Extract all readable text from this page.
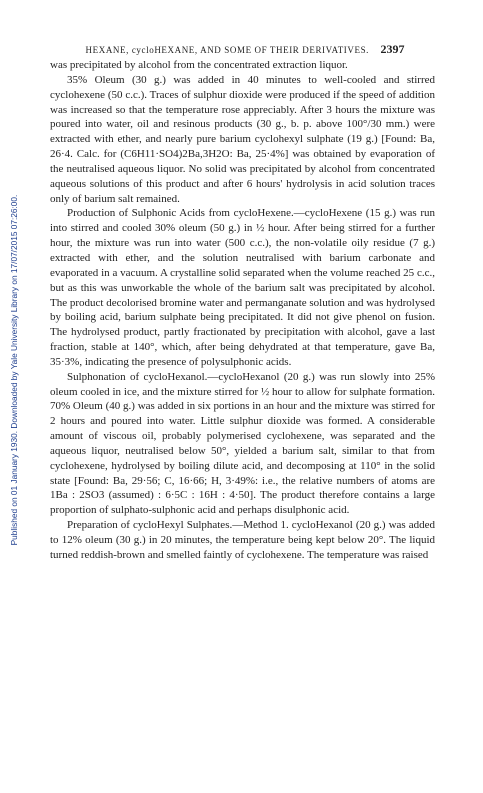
Published on 01 January 1930. Downloaded by Yale University Library on 17/07/2015 07:26:00.
HEXANE, cyclоHEXANE, AND SOME OF THEIR DERIVATIVES. 2397

was precipitated by alcohol from the concentrated extraction liquor.

35% Oleum (30 g.) was added in 40 minutes to well-cooled and stirred cyclohexene (50 c.c.). Traces of sulphur dioxide were produced if the speed of addition was increased so that the temperature rose appreciably. After 3 hours the mixture was poured into water, oil and resinous products (30 g., b. p. above 100°/30 mm.) were extracted with ether, and nearly pure barium cyclohexyl sulphate (19 g.) [Found: Ba, 26·4. Calc. for (C6H11·SO4)2Ba,3H2O: Ba, 25·4%] was obtained by evaporation of the neutralised aqueous liquor. No solid was precipitated by alcohol from concentrated aqueous solutions of this product and after 6 hours' hydrolysis in acid solution traces only of barium salt remained.

Production of Sulphonic Acids from cycloHexene.—cycloHexene (15 g.) was run into stirred and cooled 30% oleum (50 g.) in ½ hour. After being stirred for a further hour, the mixture was run into water (500 c.c.), the non-volatile oily residue (7 g.) extracted with ether, and the solution neutralised with barium carbonate and evaporated in a vacuum. A crystalline solid separated when the volume reached 25 c.c., but as this was unworkable the whole of the barium salt was precipitated by alcohol. The product decolorised bromine water and permanganate solution and was hydrolysed by boiling acid, barium sulphate being precipitated. It did not give phenol on fusion. The hydrolysed product, partly fractionated by precipitation with alcohol, gave a last fraction, stable at 140°, which, after being dehydrated at that temperature, gave Ba, 35·3%, indicating the presence of polysulphonic acids.

Sulphonation of cycloHexanol.—cycloHexanol (20 g.) was run slowly into 25% oleum cooled in ice, and the mixture stirred for ½ hour to allow for sulphate formation. 70% Oleum (40 g.) was added in six portions in an hour and the mixture was stirred for 2 hours and poured into water. Little sulphur dioxide was formed. A considerable amount of viscous oil, probably polymerised cyclohexene, was separated and the aqueous liquor, neutralised below 50°, yielded a barium salt, similar to that from cyclohexene, hydrolysed by boiling dilute acid, and decomposing at 110° in the solid state [Found: Ba, 29·56; C, 16·66; H, 3·49%: i.e., the relative numbers of atoms are 1Ba : 2SO3 (assumed) : 6·5C : 16H : 4·50]. The product therefore contains a large proportion of sulphato-sulphonic acid and perhaps disulphonic acid.

Preparation of cycloHexyl Sulphates.—Method 1. cycloHexanol (20 g.) was added to 12% oleum (30 g.) in 20 minutes, the temperature being kept below 20°. The liquid turned reddish-brown and smelled faintly of cyclohexene. The temperature was raised
